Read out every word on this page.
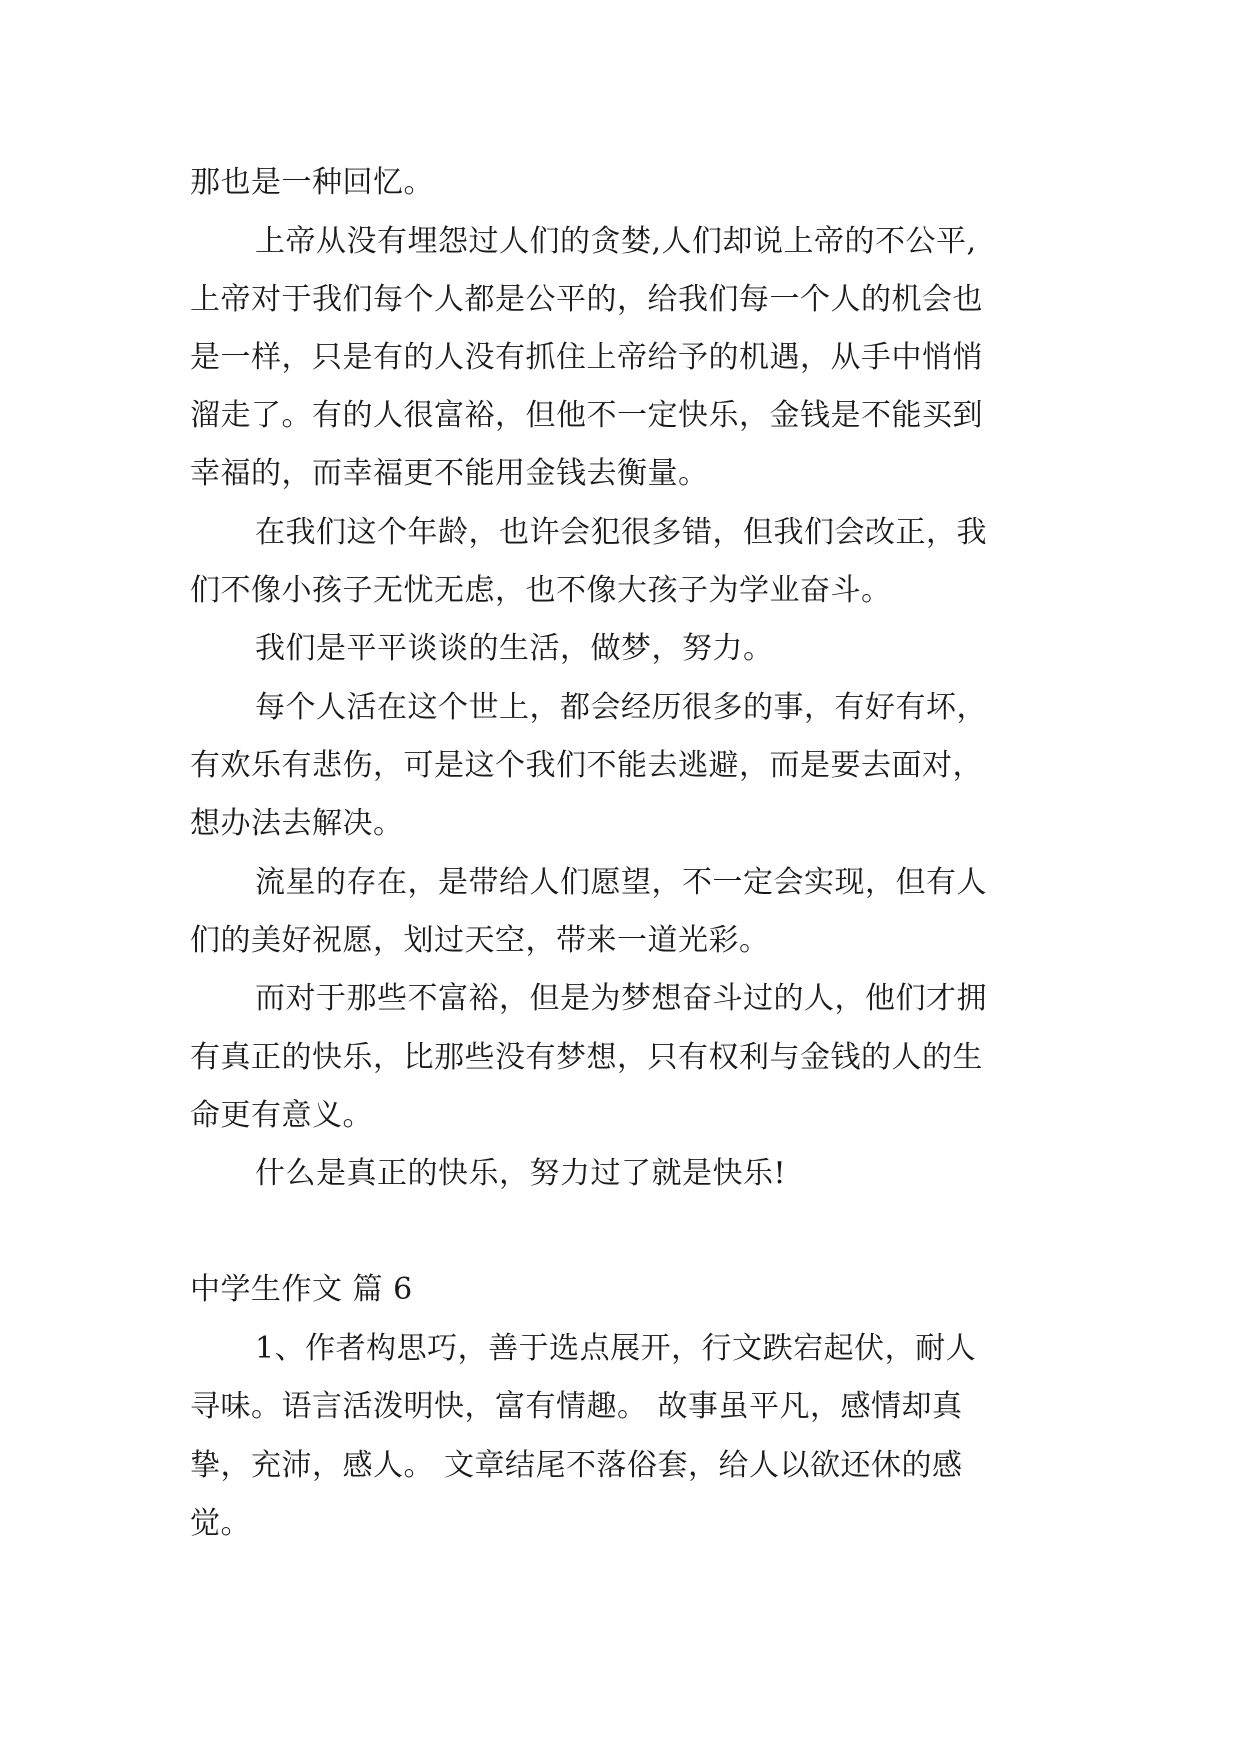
那也是一种回忆。

上帝从没有埋怨过人们的贪婪,人们却说上帝的不公平,

上帝对于我们每个人都是公平的，给我们每一个人的机会也

是一样，只是有的人没有抓住上帝给予的机遇，从手中悄悄

溜走了。有的人很富裕，但他不一定快乐，金钱是不能买到

幸福的，而幸福更不能用金钱去衡量。

在我们这个年龄，也许会犯很多错，但我们会改正，我

们不像小孩子无忧无虑，也不像大孩子为学业奋斗。

我们是平平谈谈的生活，做梦，努力。

每个人活在这个世上，都会经历很多的事，有好有坏，

有欢乐有悲伤，可是这个我们不能去逃避，而是要去面对，

想办法去解决。

流星的存在，是带给人们愿望，不一定会实现，但有人

们的美好祝愿，划过天空，带来一道光彩。

而对于那些不富裕，但是为梦想奋斗过的人，他们才拥

有真正的快乐，比那些没有梦想，只有权利与金钱的人的生

命更有意义。

什么是真正的快乐，努力过了就是快乐!

中学生作文 篇 6

1、作者构思巧，善于选点展开，行文跌宕起伏，耐人

寻味。语言活泼明快，富有情趣。 故事虽平凡，感情却真

挚，充沛，感人。 文章结尾不落俗套，给人以欲还休的感

觉。
